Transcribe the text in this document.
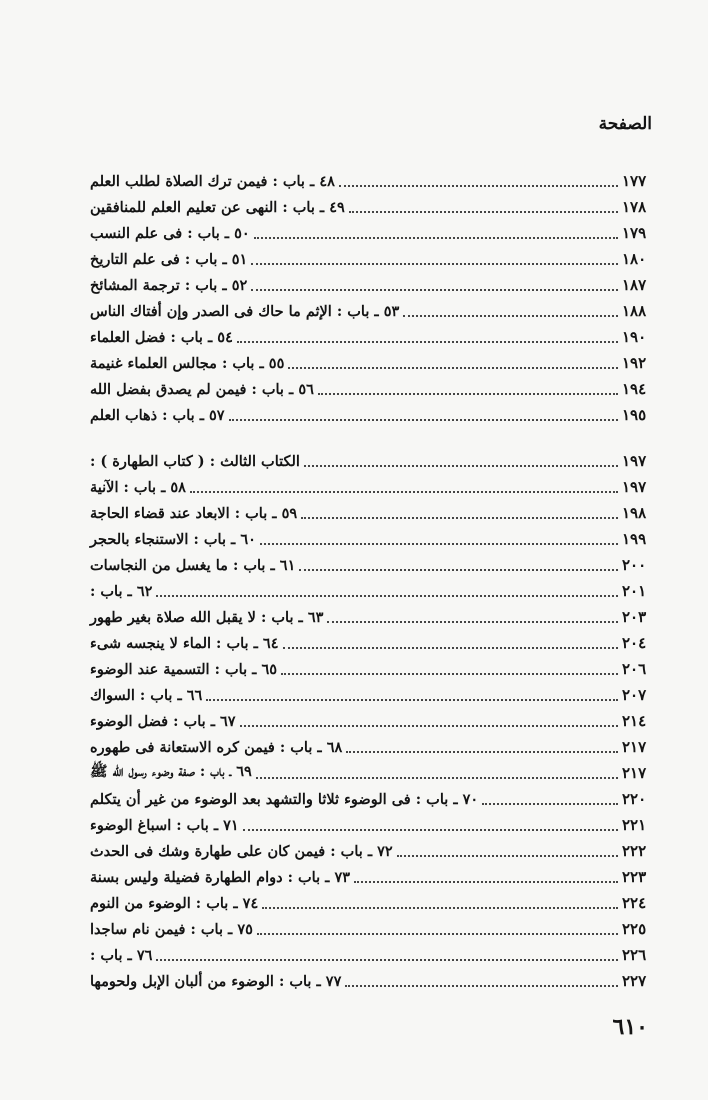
الصفحة
٤٨ ـ باب : فيمن ترك الصلاة لطلب العلم	١٧٧
٤٩ ـ باب : النهى عن تعليم العلم للمنافقين	١٧٨
٥٠ ـ باب : فى علم النسب	١٧٩
٥١ ـ باب : فى علم التاريخ	١٨٠
٥٢ ـ باب : ترجمة المشائخ	١٨٧
٥٣ ـ باب : الإثم ما حاك فى الصدر وإن أفتاك الناس	١٨٨
٥٤ ـ باب : فضل العلماء	١٩٠
٥٥ ـ باب : مجالس العلماء غنيمة	١٩٢
٥٦ ـ باب : فيمن لم يصدق بفضل الله	١٩٤
٥٧ ـ باب : ذهاب العلم	١٩٥
الكتاب الثالث : ( كتاب الطهارة ) :	١٩٧
٥٨ ـ باب : الآنية	١٩٧
٥٩ ـ باب : الابعاد عند قضاء الحاجة	١٩٨
٦٠ ـ باب : الاستنجاء بالحجر	١٩٩
٦١ ـ باب : ما يغسل من النجاسات	٢٠٠
٦٢ ـ باب :	٢٠١
٦٣ ـ باب : لا يقبل الله صلاة بغير طهور	٢٠٣
٦٤ ـ باب : الماء لا ينجسه شىء	٢٠٤
٦٥ ـ باب : التسمية عند الوضوء	٢٠٦
٦٦ ـ باب : السواك	٢٠٧
٦٧ ـ باب : فضل الوضوء	٢١٤
٦٨ ـ باب : فيمن كره الاستعانة فى طهوره	٢١٧
٦٩ ـ باب : صفة وضوء رسول الله ﷺ	٢١٧
٧٠ ـ باب : فى الوضوء ثلاثا والتشهد بعد الوضوء من غير أن يتكلم	٢٢٠
٧١ ـ باب : اسباغ الوضوء	٢٢١
٧٢ ـ باب : فيمن كان على طهارة وشك فى الحدث	٢٢٢
٧٣ ـ باب : دوام الطهارة فضيلة وليس بسنة	٢٢٣
٧٤ ـ باب : الوضوء من النوم	٢٢٤
٧٥ ـ باب : فيمن نام ساجدا	٢٢٥
٧٦ ـ باب :	٢٢٦
٧٧ ـ باب : الوضوء من ألبان الإبل ولحومها	٢٢٧
٦١٠
